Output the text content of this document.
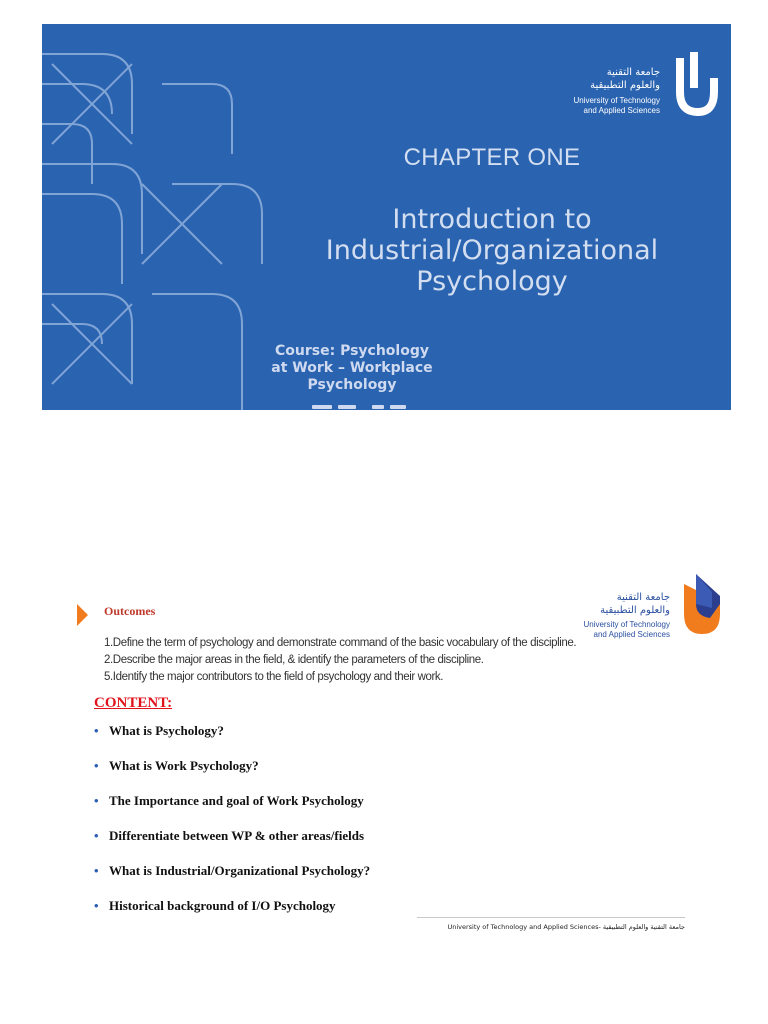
جامعة التقنية
والعلوم التطبيقية
University of Technology
and Applied Sciences
CHAPTER ONE
Introduction to
Industrial/Organizational
Psychology
Course: Psychology
at Work – Workplace
Psychology
Outcomes
جامعة التقنية
والعلوم التطبيقية
University of Technology
and Applied Sciences
1.Define the term of psychology and demonstrate command of the basic vocabulary of the discipline.
2.Describe the major areas in the field, & identify the parameters of the discipline.
5.Identify the major contributors to the field of psychology and their work.
CONTENT:
• What is Psychology?
• What is Work Psychology?
• The Importance and goal of Work Psychology
• Differentiate between WP & other areas/fields
• What is Industrial/Organizational Psychology?
• Historical background of I/O Psychology
University of Technology and Applied Sciences- جامعة التقنية والعلوم التطبيقية
